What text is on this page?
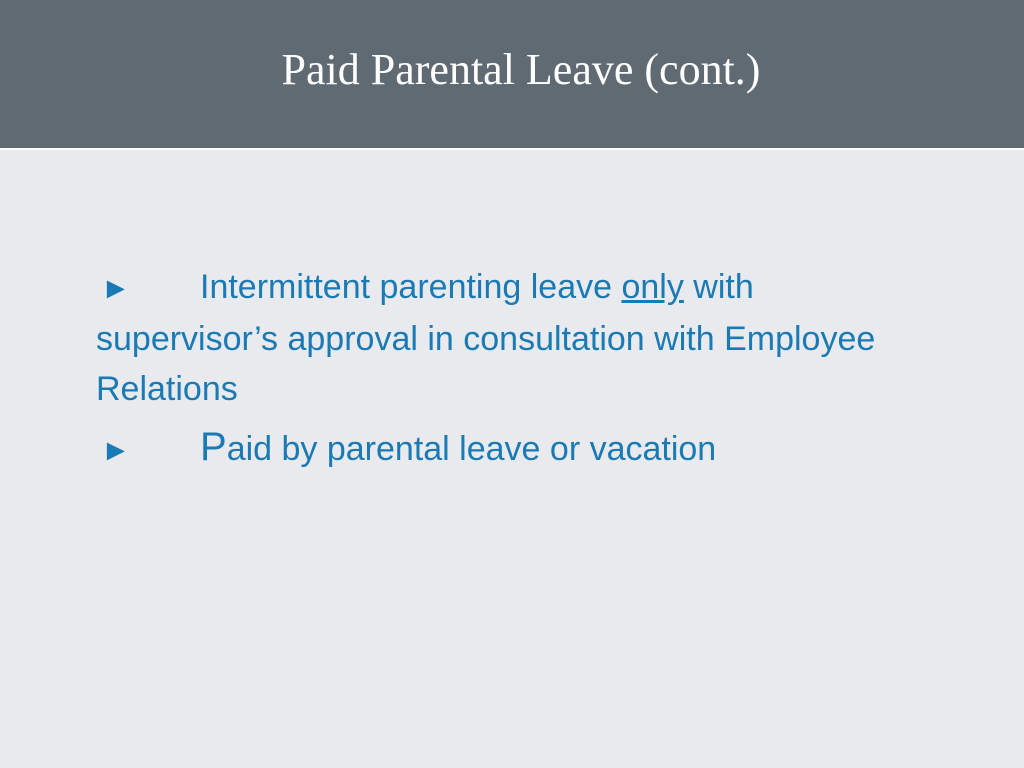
Paid Parental Leave (cont.)
► Intermittent parenting leave only with supervisor’s approval in consultation with Employee Relations
► Paid by parental leave or vacation
